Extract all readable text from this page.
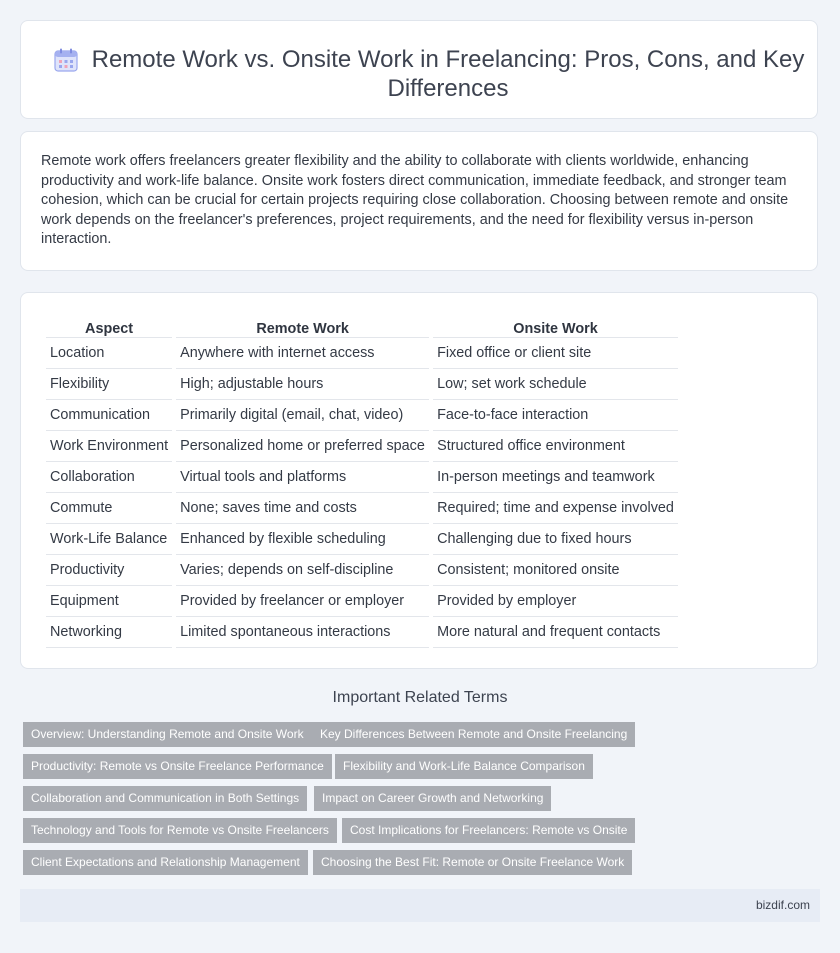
Remote Work vs. Onsite Work in Freelancing: Pros, Cons, and Key Differences
Remote work offers freelancers greater flexibility and the ability to collaborate with clients worldwide, enhancing productivity and work-life balance. Onsite work fosters direct communication, immediate feedback, and stronger team cohesion, which can be crucial for certain projects requiring close collaboration. Choosing between remote and onsite work depends on the freelancer's preferences, project requirements, and the need for flexibility versus in-person interaction.
Aspect	Remote Work	Onsite Work
Location	Anywhere with internet access	Fixed office or client site
Flexibility	High; adjustable hours	Low; set work schedule
Communication	Primarily digital (email, chat, video)	Face-to-face interaction
Work Environment	Personalized home or preferred space	Structured office environment
Collaboration	Virtual tools and platforms	In-person meetings and teamwork
Commute	None; saves time and costs	Required; time and expense involved
Work-Life Balance	Enhanced by flexible scheduling	Challenging due to fixed hours
Productivity	Varies; depends on self-discipline	Consistent; monitored onsite
Equipment	Provided by freelancer or employer	Provided by employer
Networking	Limited spontaneous interactions	More natural and frequent contacts
Important Related Terms
Overview: Understanding Remote and Onsite Work	Key Differences Between Remote and Onsite Freelancing
Productivity: Remote vs Onsite Freelance Performance	Flexibility and Work-Life Balance Comparison
Collaboration and Communication in Both Settings	Impact on Career Growth and Networking
Technology and Tools for Remote vs Onsite Freelancers	Cost Implications for Freelancers: Remote vs Onsite
Client Expectations and Relationship Management	Choosing the Best Fit: Remote or Onsite Freelance Work
bizdif.com
